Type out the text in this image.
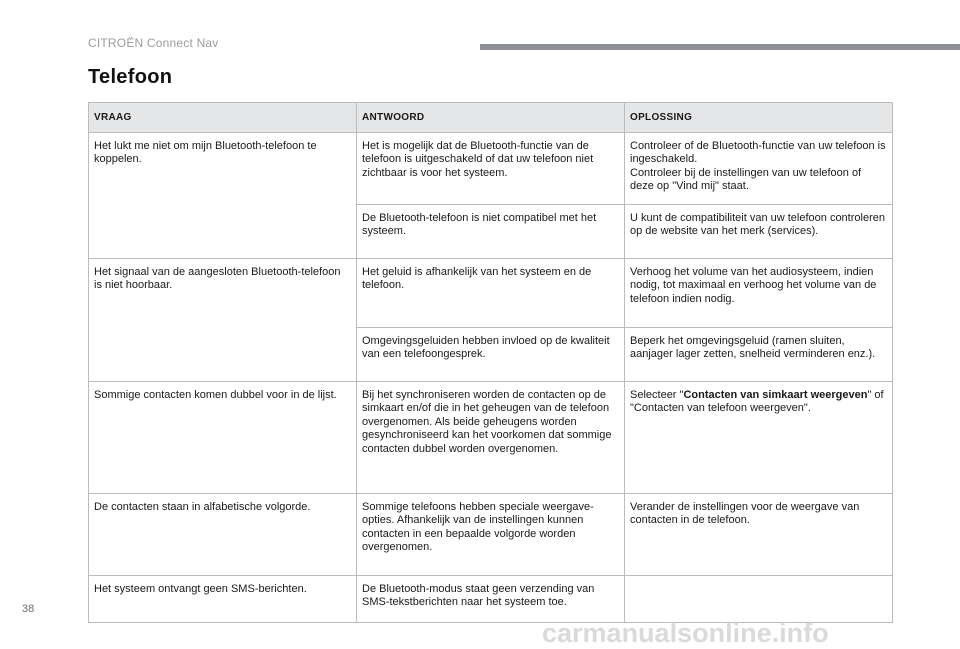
CITROËN Connect Nav
Telefoon
VRAAG	ANTWOORD	OPLOSSING
Het lukt me niet om mijn Bluetooth-telefoon te koppelen.	Het is mogelijk dat de Bluetooth-functie van de telefoon is uitgeschakeld of dat uw telefoon niet zichtbaar is voor het systeem.	Controleer of de Bluetooth-functie van uw telefoon is ingeschakeld.
Controleer bij de instellingen van uw telefoon of deze op "Vind mij" staat.
	De Bluetooth-telefoon is niet compatibel met het systeem.	U kunt de compatibiliteit van uw telefoon controleren op de website van het merk (services).
Het signaal van de aangesloten Bluetooth-telefoon is niet hoorbaar.	Het geluid is afhankelijk van het systeem en de telefoon.	Verhoog het volume van het audiosysteem, indien nodig, tot maximaal en verhoog het volume van de telefoon indien nodig.
	Omgevingsgeluiden hebben invloed op de kwaliteit van een telefoongesprek.	Beperk het omgevingsgeluid (ramen sluiten, aanjager lager zetten, snelheid verminderen enz.).
Sommige contacten komen dubbel voor in de lijst.	Bij het synchroniseren worden de contacten op de simkaart en/of die in het geheugen van de telefoon overgenomen. Als beide geheugens worden gesynchroniseerd kan het voorkomen dat sommige contacten dubbel worden overgenomen.	Selecteer "Contacten van simkaart weergeven" of "Contacten van telefoon weergeven".
De contacten staan in alfabetische volgorde.	Sommige telefoons hebben speciale weergave-opties. Afhankelijk van de instellingen kunnen contacten in een bepaalde volgorde worden overgenomen.	Verander de instellingen voor de weergave van contacten in de telefoon.
Het systeem ontvangt geen SMS-berichten.	De Bluetooth-modus staat geen verzending van SMS-tekstberichten naar het systeem toe.	
38
carmanualsonline.info
